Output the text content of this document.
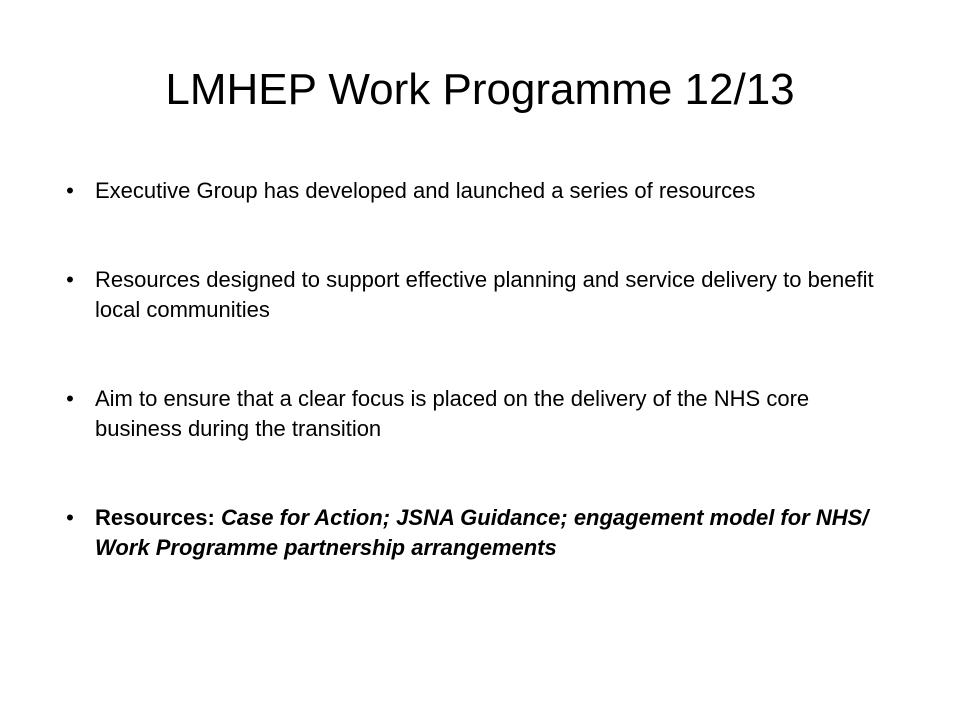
LMHEP Work Programme 12/13
• Executive Group has developed and launched a series of resources
• Resources designed to support effective planning and service delivery to benefit local communities
• Aim to ensure that a clear focus is placed on the delivery of the NHS core business during the transition
• Resources: Case for Action; JSNA Guidance; engagement model for NHS/ Work Programme partnership arrangements
